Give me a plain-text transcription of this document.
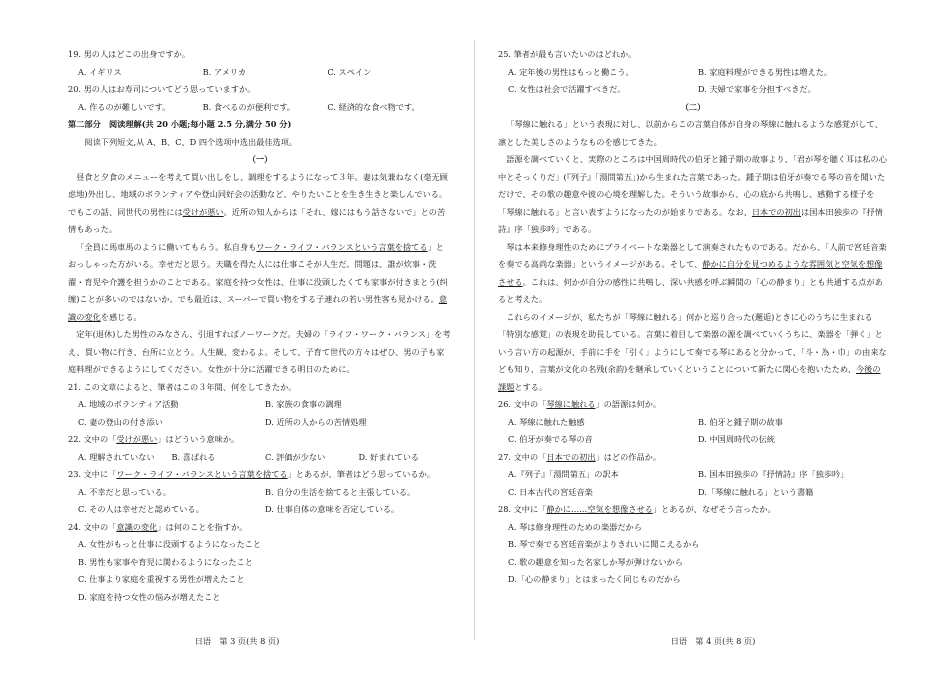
19. 男の人はどこの出身ですか。

A. イギリス	B. アメリカ	C. スペイン

20. 男の人はお寿司についてどう思っていますか。

A. 作るのが難しいです。	B. 食べるのが便利です。	C. 経済的な食べ物です。

第二部分　阅读理解(共 20 小题;每小题 2.5 分,满分 50 分)

阅读下列短文,从 A、B、C、D 四个选项中选出最佳选项。

（一）

昼食と夕食のメニューを考えて買い出しをし、調理をするようになって３年。妻は気兼ねなく(毫无顾虑地)外出し、地域のボランティアや登山同好会の活動など、やりたいことを生き生きと楽しんでいる。でもこの話、同世代の男性には受けが悪い。近所の知人からは「それ、嫁にはもう話さないで」との苦情もあった。

「全員に馬車馬のように働いてもらう。私自身もワーク・ライフ・バランスという言葉を捨てる」とおっしゃった方がいる。幸せだと思う。天職を得た人には仕事こそが人生だ。問題は、誰が炊事・洗濯・育児や介護を担うかのことである。家庭を持つ女性は、仕事に没頭したくても家事が付きまとう(纠缠)ことが多いのではないか。でも最近は、スーパーで買い物をする子連れの若い男性客も見かける。意識の変化を感じる。

定年(退休)した男性のみなさん、引退すればノーワークだ。夫婦の「ライフ・ワーク・バランス」を考え、買い物に行き、台所に立とう。人生観、変わるよ。そして、子育て世代の方々はぜひ、男の子も家庭料理ができるようにしてください。女性が十分に活躍できる明日のために。

21. この文章によると、筆者はこの３年間、何をしてきたか。

A. 地域のボランティア活動	B. 家族の食事の調理
C. 妻の登山の付き添い	D. 近所の人からの苦情処理

22. 文中の「受けが悪い」はどういう意味か。

A. 理解されていない	B. 喜ばれる	C. 評価が少ない	D. 好まれている

23. 文中に「ワーク・ライフ・バランスという言葉を捨てる」とあるが、筆者はどう思っているか。

A. 不幸だと思っている。	B. 自分の生活を捨てると主張している。
C. その人は幸せだと認めている。	D. 仕事自体の意味を否定している。

24. 文中の「意識の変化」は何のことを指すか。

A. 女性がもっと仕事に没頭するようになったこと

B. 男性も家事や育児に関わるようになったこと

C. 仕事より家庭を重視する男性が増えたこと

D. 家庭を持つ女性の悩みが増えたこと

日语　第 3 页(共 8 页)

25. 筆者が最も言いたいのはどれか。

A. 定年後の男性はもっと働こう。	B. 家庭料理ができる男性は増えた。
C. 女性は社会で活躍すべきだ。	D. 夫婦で家事を分担すべきだ。

（二）

「琴線に触れる」という表現に対し、以前からこの言葉自体が自身の琴線に触れるような感覚がして、凛とした美しさのようなものを感じてきた。

語源を調べていくと、実際のところは中国周時代の伯牙と鍾子期の故事より、「君が琴を聴く耳は私の心中とそっくりだ」(『列子』「湯問第五」)から生まれた言葉であった。鍾子期は伯牙が奏でる琴の音を聞いただけで、その歌の趣意や彼の心境を理解した。そういう故事から、心の底から共鳴し、感動する様子を「琴線に触れる」と言い表すようになったのが始まりである。なお、日本での初出は国本田独歩の『抒情詩』序「独歩吟」である。

琴は本来修身理性のためにプライベートな楽器として演奏されたものである。だから、「人前で宮廷音楽を奏でる高尚な楽器」というイメージがある。そして、静かに自分を見つめるような雰囲気と空気を想像させる。これは、何かが自分の感性に共鳴し、深い共感を呼ぶ瞬間の「心の静まり」とも共通する点があると考えた。

これらのイメージが、私たちが「琴線に触れる」何かと巡り合った(邂逅)ときに心のうちに生まれる「特別な感覚」の表現を助長している。言葉に着目して楽器の源を調べていくうちに、楽器を「弾く」という言い方の起源が、手前に手を「引く」ようにして奏でる琴にあると分かって、「斗・為・巾」の由来なども知り、言葉が文化の名残(余韵)を継承していくということについて新たに関心を抱いたため、今後の課題とする。

26. 文中の「琴線に触れる」の語源は何か。

A. 琴線に触れた触感	B. 伯牙と鍾子期の故事
C. 伯牙が奏でる琴の音	D. 中国周時代の伝統

27. 文中の「日本での初出」はどの作品か。

A.『列子』「湯問第五」の訳本	B. 国本田独歩の『抒情詩』序「独歩吟」
C. 日本古代の宮廷音楽	D.「琴線に触れる」という書籍

28. 文中に「静かに……空気を想像させる」とあるが、なぜそう言ったか。

A. 琴は修身理性のための楽器だから

B. 琴で奏でる宮廷音楽がよりきれいに聞こえるから

C. 歌の趣意を知った名家しか琴が弾けないから

D.「心の静まり」とはまったく同じものだから

日语　第 4 页(共 8 页)
